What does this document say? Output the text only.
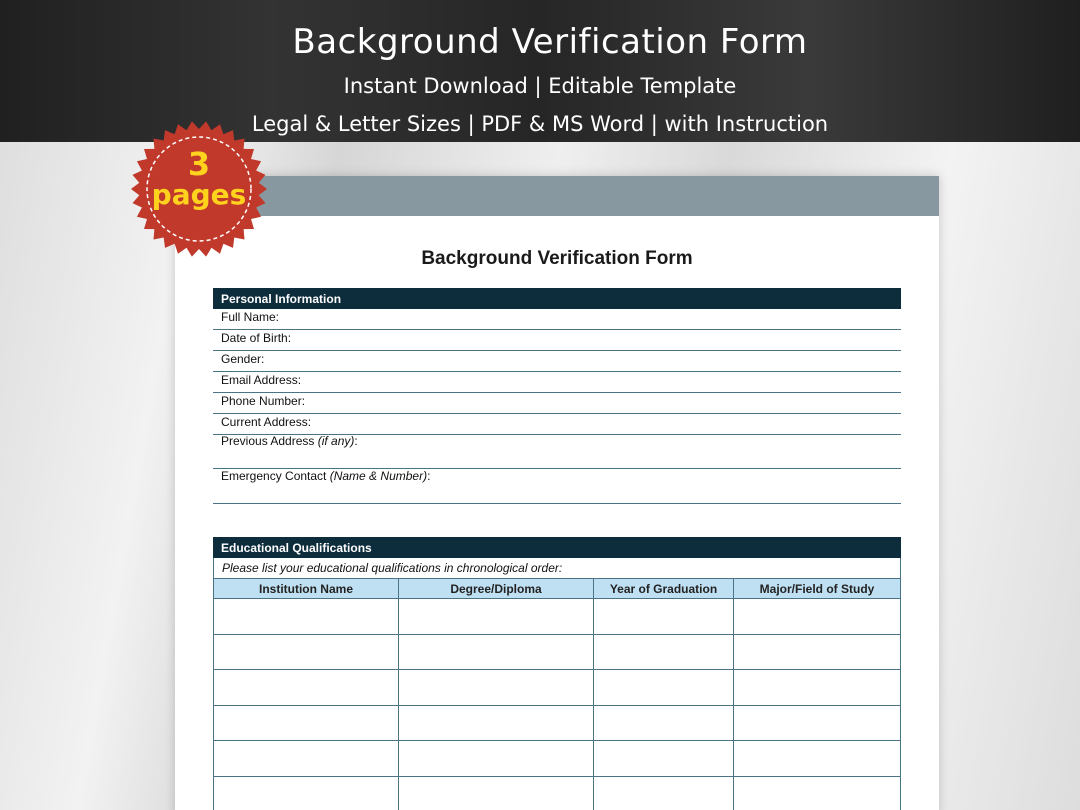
Background Verification Form
Instant Download | Editable Template
Legal & Letter Sizes | PDF & MS Word | with Instruction
Background Verification Form
Personal Information
Full Name:
Date of Birth:
Gender:
Email Address:
Phone Number:
Current Address:
Previous Address (if any):
Emergency Contact (Name & Number):
Educational Qualifications
Please list your educational qualifications in chronological order:
Institution Name	Degree/Diploma	Year of Graduation	Major/Field of Study

3
pages
